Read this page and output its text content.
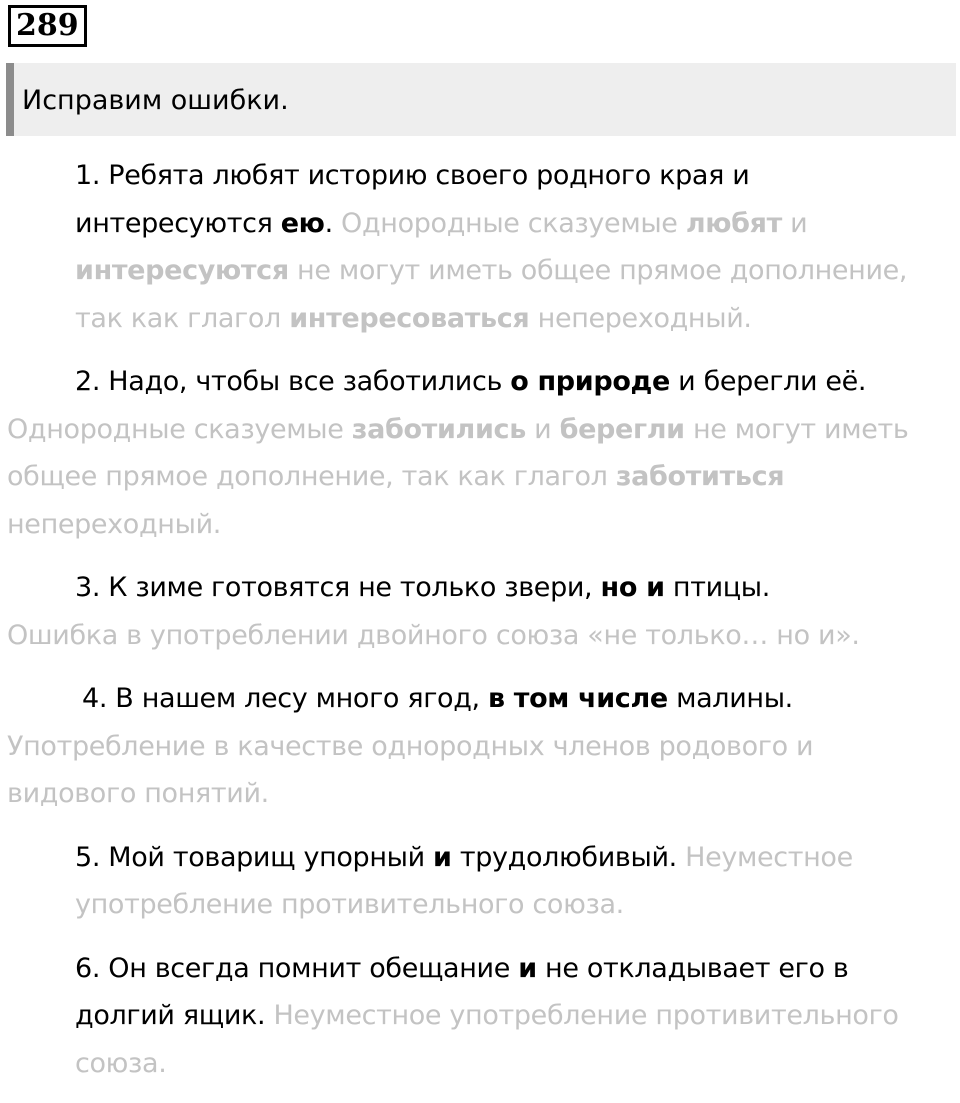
289
Исправим ошибки.

1. Ребята любят историю своего родного края и интересуются ею. Однородные сказуемые любят и интересуются не могут иметь общее прямое дополнение, так как глагол интересоваться непереходный.

2. Надо, чтобы все заботились о природе и берегли её.

Однородные сказуемые заботились и берегли не могут иметь общее прямое дополнение, так как глагол заботиться непереходный.

3. К зиме готовятся не только звери, но и птицы.

Ошибка в употреблении двойного союза «не только… но и».

4. В нашем лесу много ягод, в том числе малины.

Употребление в качестве однородных членов родового и видового понятий.

5. Мой товарищ упорный и трудолюбивый. Неуместное употребление противительного союза.

6. Он всегда помнит обещание и не откладывает его в долгий ящик. Неуместное употребление противительного союза.
